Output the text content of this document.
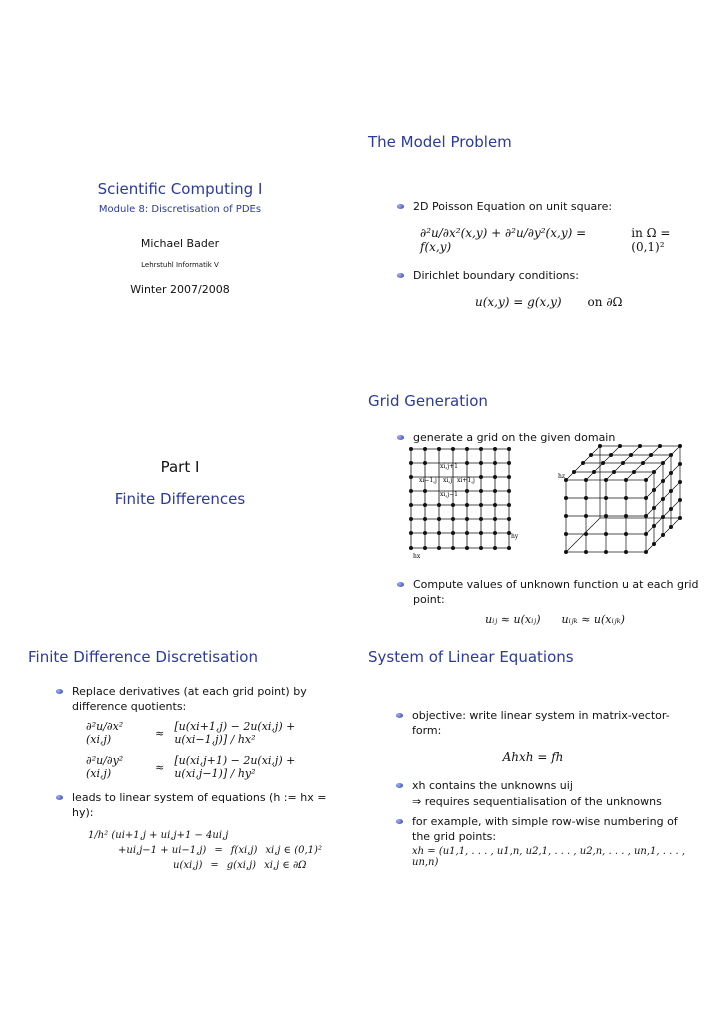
Scientific Computing I
Module 8: Discretisation of PDEs
Michael Bader
Lehrstuhl Informatik V
Winter 2007/2008
The Model Problem
2D Poisson Equation on unit square:
∂²u/∂x²(x,y) + ∂²u/∂y²(x,y) = f(x,y)
in Ω = (0,1)²
Dirichlet boundary conditions:
u(x,y) = g(x,y) on ∂Ω
Part I
Finite Differences
Grid Generation
generate a grid on the given domain
xi,j+1
xi−1,j xi,j xi+1,j
xi,j−1
hy
hx
hz
Compute values of unknown function u at each grid point:
uᵢⱼ ≈ u(xᵢⱼ)      uᵢⱼₖ ≈ u(xᵢⱼₖ)
Finite Difference Discretisation
Replace derivatives (at each grid point) by difference quotients:
∂²u/∂x² (xi,j)	≈ [u(xi+1,j) − 2u(xi,j) + u(xi−1,j)] / hx²
∂²u/∂y² (xi,j)	≈ [u(xi,j+1) − 2u(xi,j) + u(xi,j−1)] / hy²
leads to linear system of equations (h := hx = hy):
1/h² (ui+1,j + ui,j+1 − 4ui,j
+ui,j−1 + ui−1,j) = f(xi,j) xi,j ∈ (0,1)²
u(xi,j) = g(xi,j) xi,j ∈ ∂Ω
System of Linear Equations
objective: write linear system in matrix-vector-form:
Ahxh = fh
xh contains the unknowns uij
⇒ requires sequentialisation of the unknowns
for example, with simple row-wise numbering of the grid points:
xh = (u1,1, . . . , u1,n, u2,1, . . . , u2,n, . . . , un,1, . . . , un,n)
